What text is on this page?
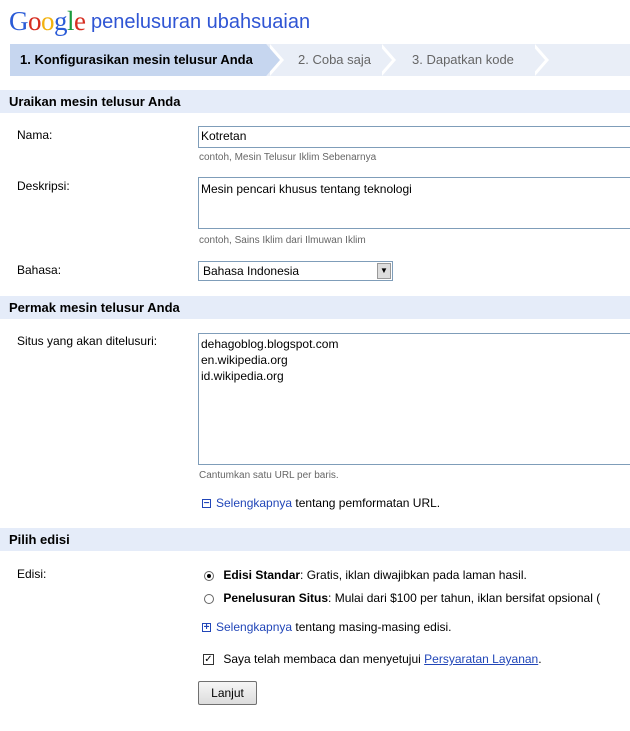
Google penelusuran ubahsuaian
1. Konfigurasikan mesin telusur Anda	2. Coba saja	3. Dapatkan kode
Uraikan mesin telusur Anda
Nama:	Kotretan
contoh, Mesin Telusur Iklim Sebenarnya
Deskripsi:	Mesin pencari khusus tentang teknologi
contoh, Sains Iklim dari Ilmuwan Iklim
Bahasa:	Bahasa Indonesia	▼
Permak mesin telusur Anda
Situs yang akan ditelusuri:	dehagoblog.blogspot.com
en.wikipedia.org
id.wikipedia.org
Cantumkan satu URL per baris.
− Selengkapnya tentang pemformatan URL.
Pilih edisi
Edisi:	Edisi Standar: Gratis, iklan diwajibkan pada laman hasil.
Penelusuran Situs: Mulai dari $100 per tahun, iklan bersifat opsional (
+ Selengkapnya tentang masing-masing edisi.
✓ Saya telah membaca dan menyetujui Persyaratan Layanan.
Lanjut
